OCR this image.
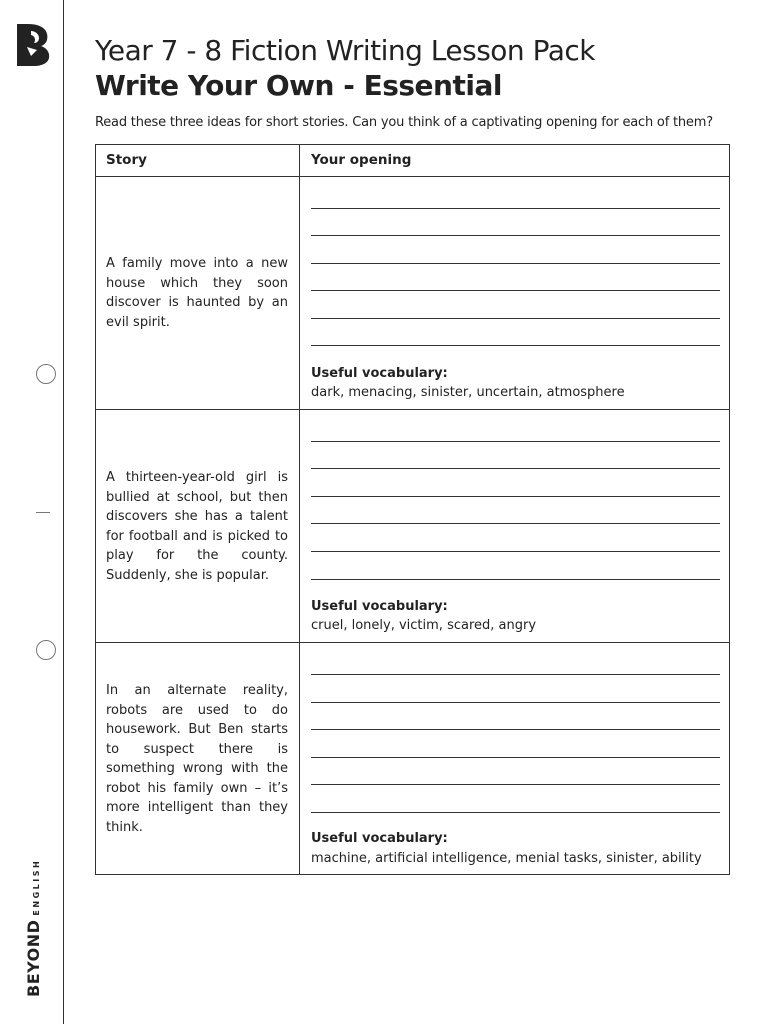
BEYONDENGLISH
Year 7 - 8 Fiction Writing Lesson Pack
Write Your Own - Essential
Read these three ideas for short stories. Can you think of a captivating opening for each of them?
Story	Your opening
A family move into a new house which they soon discover is haunted by an evil spirit.
Useful vocabulary:
dark, menacing, sinister, uncertain, atmosphere
A thirteen-year-old girl is bullied at school, but then discovers she has a talent for football and is picked to play for the county. Suddenly, she is popular.
Useful vocabulary:
cruel, lonely, victim, scared, angry
In an alternate reality, robots are used to do housework. But Ben starts to suspect there is something wrong with the robot his family own – it’s more intelligent than they think.
Useful vocabulary:
machine, artificial intelligence, menial tasks, sinister, ability
